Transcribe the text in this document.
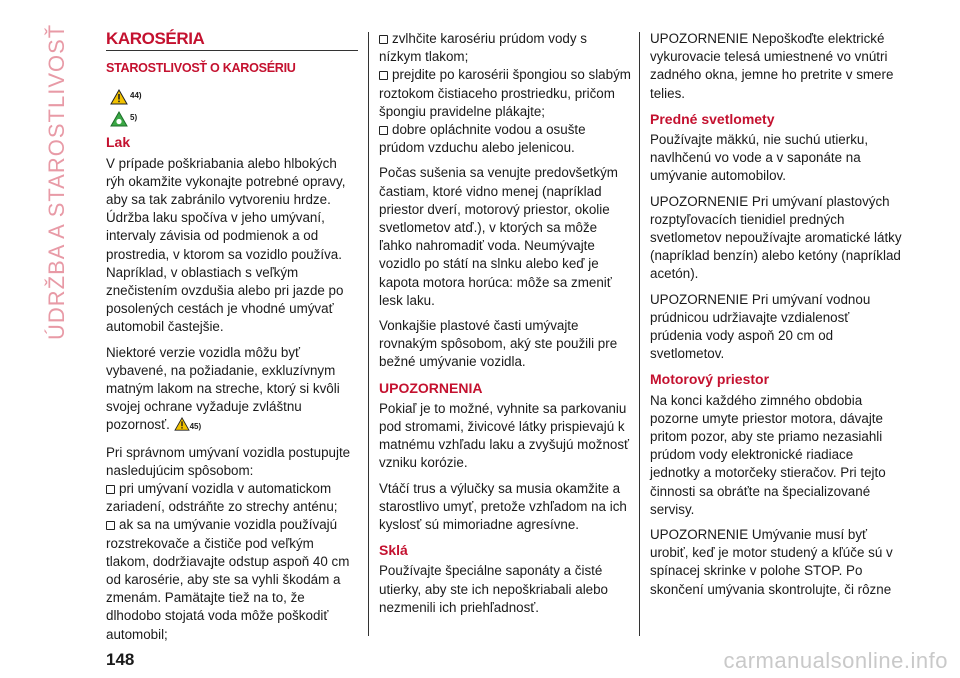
ÚDRŽBA A STAROSTLIVOSŤ	KAROSÉRIA
STAROSTLIVOSŤ O KAROSÉRIU
44)
5)
Lak

V prípade poškriabania alebo hlbokých rýh okamžite vykonajte potrebné opravy, aby sa tak zabránilo vytvoreniu hrdze. Údržba laku spočíva v jeho umývaní, intervaly závisia od podmienok a od prostredia, v ktorom sa vozidlo používa. Napríklad, v oblastiach s veľkým znečistením ovzdušia alebo pri jazde po posolených cestách je vhodné umývať automobil častejšie.

Niektoré verzie vozidla môžu byť vybavené, na požiadanie, exkluzívnym matným lakom na streche, ktorý si kvôli svojej ochrane vyžaduje zvláštnu pozornosť. 45)

Pri správnom umývaní vozidla postupujte nasledujúcim spôsobom:

pri umývaní vozidla v automatickom zariadení, odstráňte zo strechy anténu;
ak sa na umývanie vozidla používajú rozstrekovače a čističe pod veľkým tlakom, dodržiavajte odstup aspoň 40 cm od karosérie, aby ste sa vyhli škodám a zmenám. Pamätajte tiež na to, že dlhodobo stojatá voda môže poškodiť automobil;
zvlhčite karosériu prúdom vody s nízkym tlakom;
prejdite po karosérii špongiou so slabým roztokom čistiaceho prostriedku, pričom špongiu pravidelne plákajte;
dobre opláchnite vodou a osušte prúdom vzduchu alebo jelenicou.

Počas sušenia sa venujte predovšetkým častiam, ktoré vidno menej (napríklad priestor dverí, motorový priestor, okolie svetlometov atď.), v ktorých sa môže ľahko nahromadiť voda. Neumývajte vozidlo po státí na slnku alebo keď je kapota motora horúca: môže sa zmeniť lesk laku.

Vonkajšie plastové časti umývajte rovnakým spôsobom, aký ste použili pre bežné umývanie vozidla.

UPOZORNENIA

Pokiaľ je to možné, vyhnite sa parkovaniu pod stromami, živicové látky prispievajú k matnému vzhľadu laku a zvyšujú možnosť vzniku korózie.

Vtáčí trus a výlučky sa musia okamžite a starostlivo umyť, pretože vzhľadom na ich kyslosť sú mimoriadne agresívne.

Sklá

Používajte špeciálne saponáty a čisté utierky, aby ste ich nepoškriabali alebo nezmenili ich priehľadnosť.

UPOZORNENIE Nepoškoďte elektrické vykurovacie telesá umiestnené vo vnútri zadného okna, jemne ho pretrite v smere telies.

Predné svetlomety

Používajte mäkkú, nie suchú utierku, navlhčenú vo vode a v saponáte na umývanie automobilov.

UPOZORNENIE Pri umývaní plastových rozptyľovacích tienidiel predných svetlometov nepoužívajte aromatické látky (napríklad benzín) alebo ketóny (napríklad acetón).

UPOZORNENIE Pri umývaní vodnou prúdnicou udržiavajte vzdialenosť prúdenia vody aspoň 20 cm od svetlometov.

Motorový priestor

Na konci každého zimného obdobia pozorne umyte priestor motora, dávajte pritom pozor, aby ste priamo nezasiahli prúdom vody elektronické riadiace jednotky a motorčeky stieračov. Pri tejto činnosti sa obráťte na špecializované servisy.

UPOZORNENIE Umývanie musí byť urobiť, keď je motor studený a kľúče sú v spínacej skrinke v polohe STOP. Po skončení umývania skontrolujte, či rôzne

148	carmanualsonline.info
